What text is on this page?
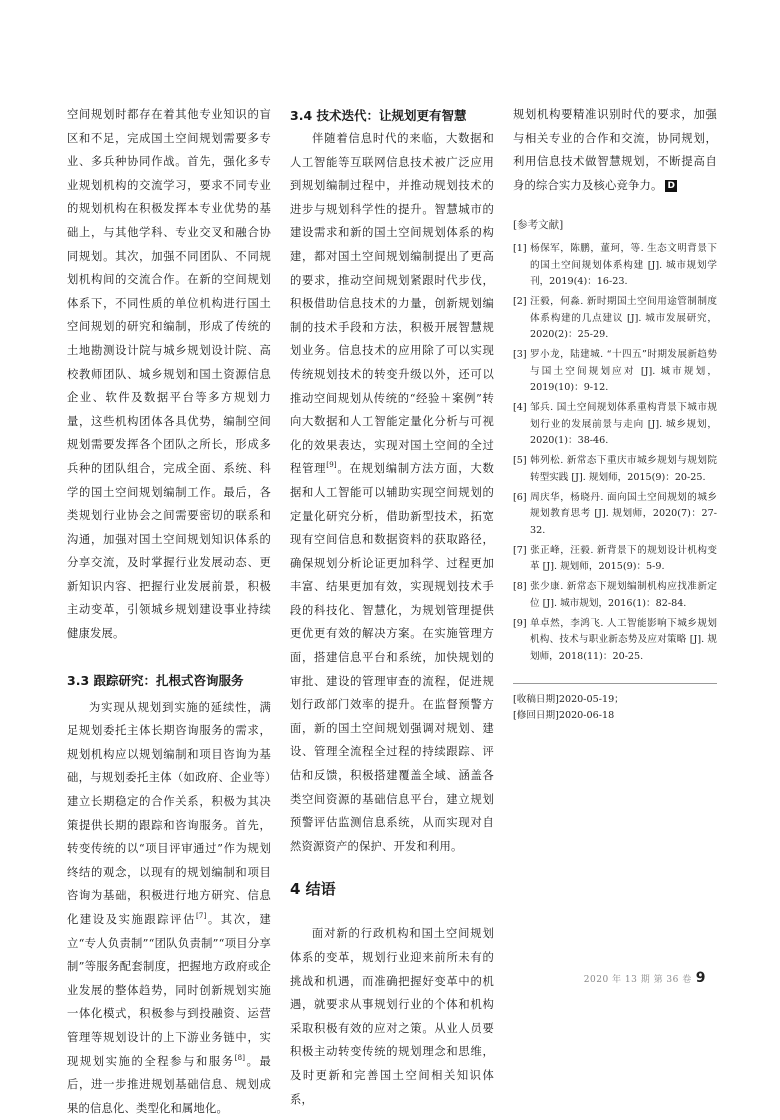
空间规划时都存在着其他专业知识的盲区和不足，完成国土空间规划需要多专业、多兵种协同作战。首先，强化多专业规划机构的交流学习，要求不同专业的规划机构在积极发挥本专业优势的基础上，与其他学科、专业交叉和融合协同规划。其次，加强不同团队、不同规划机构间的交流合作。在新的空间规划体系下，不同性质的单位机构进行国土空间规划的研究和编制，形成了传统的土地勘测设计院与城乡规划设计院、高校教师团队、城乡规划和国土资源信息企业、软件及数据平台等多方规划力量，这些机构团体各具优势，编制空间规划需要发挥各个团队之所长，形成多兵种的团队组合，完成全面、系统、科学的国土空间规划编制工作。最后，各类规划行业协会之间需要密切的联系和沟通，加强对国土空间规划知识体系的分享交流，及时掌握行业发展动态、更新知识内容、把握行业发展前景，积极主动变革，引领城乡规划建设事业持续健康发展。

3.3 跟踪研究：扎根式咨询服务

为实现从规划到实施的延续性，满足规划委托主体长期咨询服务的需求，规划机构应以规划编制和项目咨询为基础，与规划委托主体（如政府、企业等）建立长期稳定的合作关系，积极为其决策提供长期的跟踪和咨询服务。首先，转变传统的以“项目评审通过”作为规划终结的观念，以现有的规划编制和项目咨询为基础，积极进行地方研究、信息化建设及实施跟踪评估[7]。其次，建立“专人负责制”“团队负责制”“项目分享制”等服务配套制度，把握地方政府或企业发展的整体趋势，同时创新规划实施一体化模式，积极参与到投融资、运营管理等规划设计的上下游业务链中，实现规划实施的全程参与和服务[8]。最后，进一步推进规划基础信息、规划成果的信息化、类型化和属地化。

3.4 技术迭代：让规划更有智慧

伴随着信息时代的来临，大数据和人工智能等互联网信息技术被广泛应用到规划编制过程中，并推动规划技术的进步与规划科学性的提升。智慧城市的建设需求和新的国土空间规划体系的构建，都对国土空间规划编制提出了更高的要求，推动空间规划紧跟时代步伐，积极借助信息技术的力量，创新规划编制的技术手段和方法，积极开展智慧规划业务。信息技术的应用除了可以实现传统规划技术的转变升级以外，还可以推动空间规划从传统的“经验＋案例”转向大数据和人工智能定量化分析与可视化的效果表达，实现对国土空间的全过程管理[9]。在规划编制方法方面，大数据和人工智能可以辅助实现空间规划的定量化研究分析，借助新型技术，拓宽现有空间信息和数据资料的获取路径，确保规划分析论证更加科学、过程更加丰富、结果更加有效，实现规划技术手段的科技化、智慧化，为规划管理提供更优更有效的解决方案。在实施管理方面，搭建信息平台和系统，加快规划的审批、建设的管理审查的流程，促进规划行政部门效率的提升。在监督预警方面，新的国土空间规划强调对规划、建设、管理全流程全过程的持续跟踪、评估和反馈，积极搭建覆盖全域、涵盖各类空间资源的基础信息平台，建立规划预警评估监测信息系统，从而实现对自然资源资产的保护、开发和利用。

4 结语

面对新的行政机构和国土空间规划体系的变革，规划行业迎来前所未有的挑战和机遇，而准确把握好变革中的机遇，就要求从事规划行业的个体和机构采取积极有效的应对之策。从业人员要积极主动转变传统的规划理念和思维，及时更新和完善国土空间相关知识体系，

规划机构要精准识别时代的要求，加强与相关专业的合作和交流，协同规划，利用信息技术做智慧规划，不断提高自身的综合实力及核心竞争力。 D

[参考文献]

[1] 杨保军，陈鹏，董珂，等. 生态文明背景下的国土空间规划体系构建 [J]. 城市规划学刊，2019(4)：16-23.

[2] 汪毅，何淼. 新时期国土空间用途管制制度体系构建的几点建议 [J]. 城市发展研究，2020(2)：25-29.

[3] 罗小龙，陆建城. “十四五”时期发展新趋势与国土空间规划应对 [J]. 城市规划，2019(10)：9-12.

[4] 邹兵. 国土空间规划体系重构背景下城市规划行业的发展前景与走向 [J]. 城乡规划，2020(1)：38-46.

[5] 韩列松. 新常态下重庆市城乡规划与规划院转型实践 [J]. 规划师，2015(9)：20-25.

[6] 周庆华，杨晓丹. 面向国土空间规划的城乡规划教育思考 [J]. 规划师，2020(7)：27-32.

[7] 张正峰，汪毅. 新背景下的规划设计机构变革 [J]. 规划师，2015(9)：5-9.

[8] 张少康. 新常态下规划编制机构应找准新定位 [J]. 城市规划，2016(1)：82-84.

[9] 单卓然，李鸿飞. 人工智能影响下城乡规划机构、技术与职业新态势及应对策略 [J]. 规划师，2018(11)：20-25.

[收稿日期]2020-05-19；

[修回日期]2020-06-18

2020 年 13 期 第 36 卷 9
